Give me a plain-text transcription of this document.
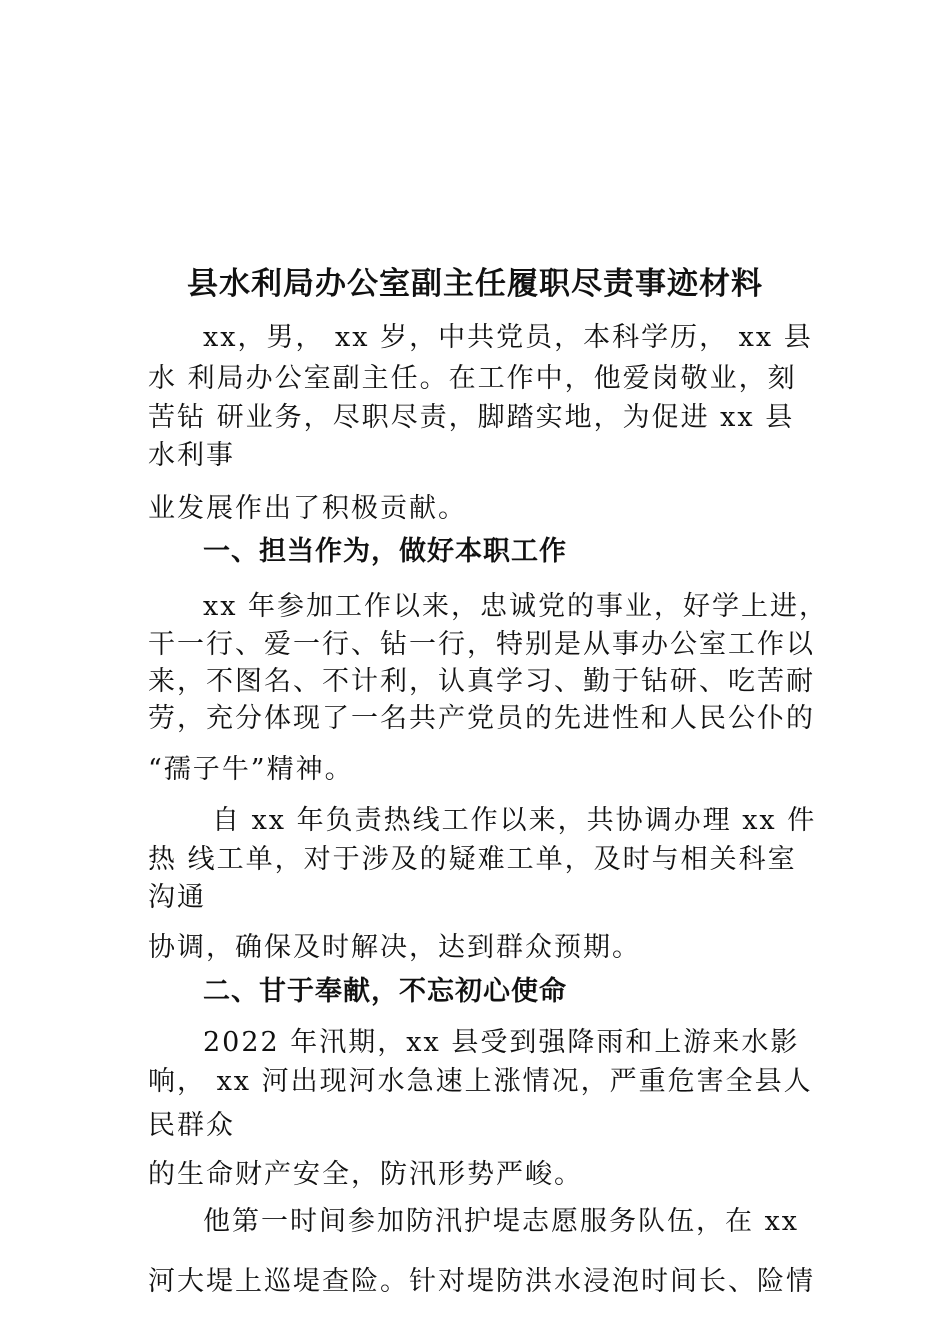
县水利局办公室副主任履职尽责事迹材料
xx，男， xx 岁，中共党员，本科学历， xx 县
水 利局办公室副主任。在工作中，他爱岗敬业，刻
苦钻 研业务，尽职尽责，脚踏实地，为促进 xx 县
水利事
业发展作出了积极贡献。
一、担当作为，做好本职工作
xx 年参加工作以来，忠诚党的事业，好学上进，
干一行、爱一行、钻一行，特别是从事办公室工作以
来，不图名、不计利，认真学习、勤于钻研、吃苦耐
劳，充分体现了一名共产党员的先进性和人民公仆的
“孺子牛”精神。
自 xx 年负责热线工作以来，共协调办理 xx 件
热 线工单，对于涉及的疑难工单，及时与相关科室
沟通
协调，确保及时解决，达到群众预期。
二、甘于奉献，不忘初心使命
2022 年汛期，xx 县受到强降雨和上游来水影
响， xx 河出现河水急速上涨情况，严重危害全县人
民群众
的生命财产安全，防汛形势严峻。
他第一时间参加防汛护堤志愿服务队伍，在 xx
河大堤上巡堤查险。针对堤防洪水浸泡时间长、险情
